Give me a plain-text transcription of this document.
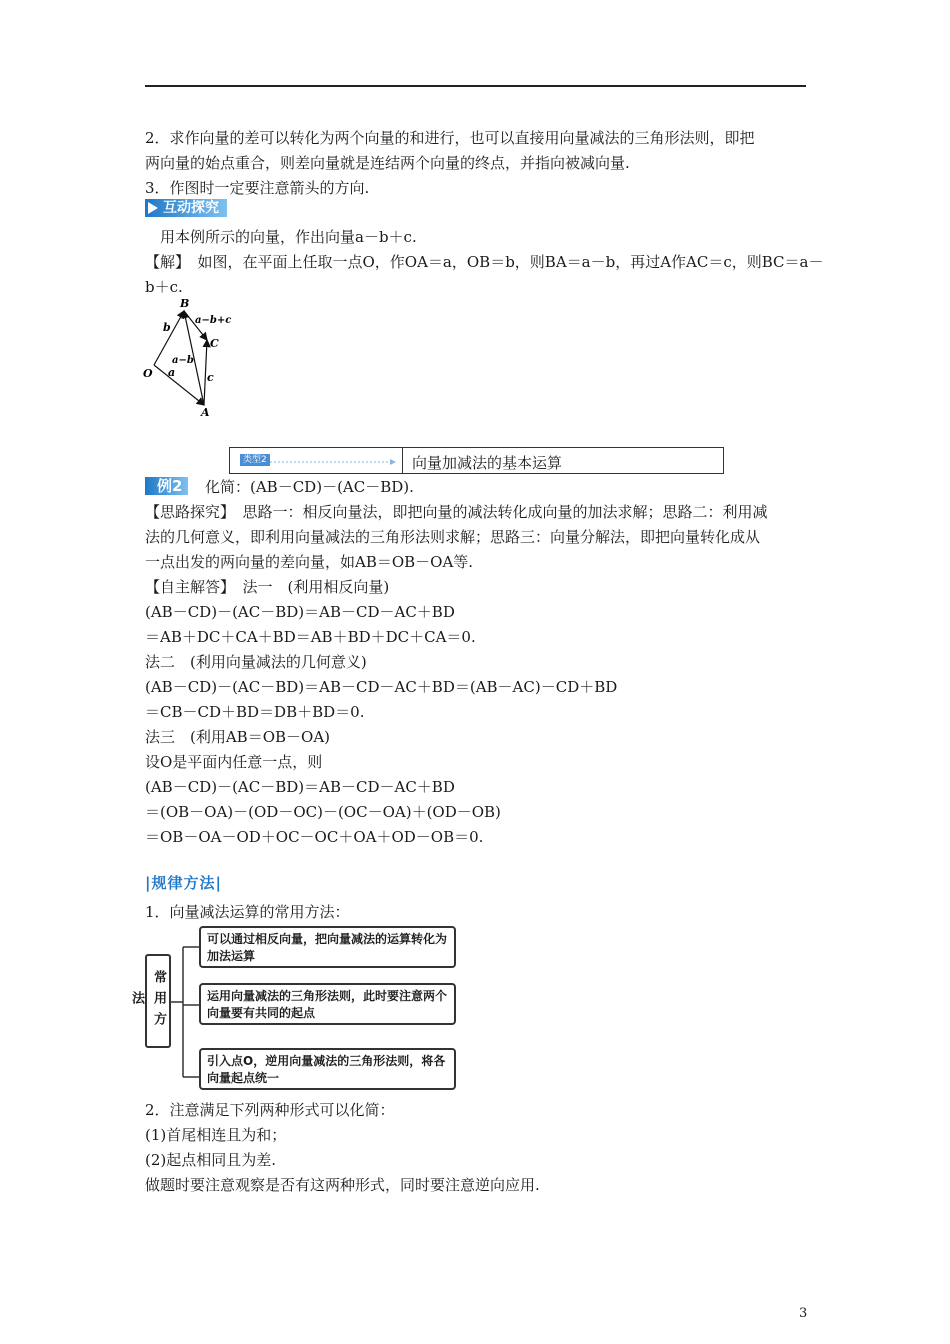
2．求作向量的差可以转化为两个向量的和进行，也可以直接用向量减法的三角形法则，即把
两向量的始点重合，则差向量就是连结两个向量的终点，并指向被减向量.
3．作图时一定要注意箭头的方向.
互动探究
用本例所示的向量，作出向量a－b＋c.
【解】　如图，在平面上任取一点O，作OA＝a，OB＝b，则BA＝a－b，再过A作AC＝c，则BC＝a－
b＋c.
B
O
A
C
b
a	c
a−b
a−b+c
类型2	向量加减法的基本运算
例2	化简：(AB－CD)－(AC－BD).
【思路探究】　思路一：相反向量法，即把向量的减法转化成向量的加法求解；思路二：利用减
法的几何意义，即利用向量减法的三角形法则求解；思路三：向量分解法，即把向量转化成从
一点出发的两向量的差向量，如AB＝OB－OA等.
【自主解答】　法一　(利用相反向量)
(AB－CD)－(AC－BD)＝AB－CD－AC＋BD
＝AB＋DC＋CA＋BD＝AB＋BD＋DC＋CA＝0.
法二　(利用向量减法的几何意义)
(AB－CD)－(AC－BD)＝AB－CD－AC＋BD＝(AB－AC)－CD＋BD
＝CB－CD＋BD＝DB＋BD＝0.
法三　(利用AB＝OB－OA)
设O是平面内任意一点，则
(AB－CD)－(AC－BD)＝AB－CD－AC＋BD
＝(OB－OA)－(OD－OC)－(OC－OA)＋(OD－OB)
＝OB－OA－OD＋OC－OC＋OA＋OD－OB＝0.
|规律方法|
1．向量减法运算的常用方法：
常用方法
可以通过相反向量，把向量减法的运算转化为加法运算
运用向量减法的三角形法则，此时要注意两个向量要有共同的起点
引入点O，逆用向量减法的三角形法则，将各向量起点统一
2．注意满足下列两种形式可以化简：
(1)首尾相连且为和；
(2)起点相同且为差.
做题时要注意观察是否有这两种形式，同时要注意逆向应用.
3
